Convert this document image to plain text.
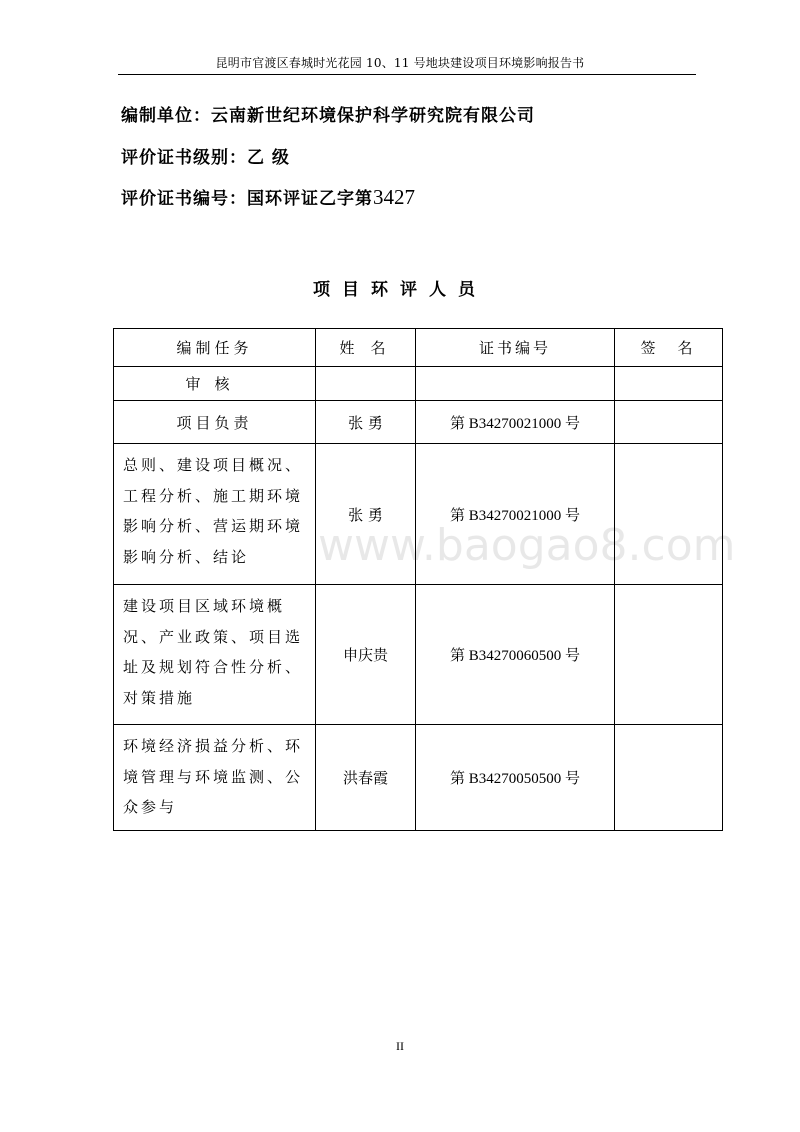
昆明市官渡区春城时光花园 10、11 号地块建设项目环境影响报告书
编制单位：云南新世纪环境保护科学研究院有限公司
评价证书级别：乙 级
评价证书编号：国环评证乙字第3427
项目环评人员
编制任务	姓名	证书编号	签名
审核			
项目负责	张 勇	第 B34270021000 号	
总则、建设项目概况、工程分析、施工期环境影响分析、营运期环境影响分析、结论	张 勇	第 B34270021000 号	
建设项目区域环境概况、产业政策、项目选址及规划符合性分析、对策措施	申庆贵	第 B34270060500 号	
环境经济损益分析、环境管理与环境监测、公众参与	洪春霞	第 B34270050500 号	
www.baogao8.com
II
